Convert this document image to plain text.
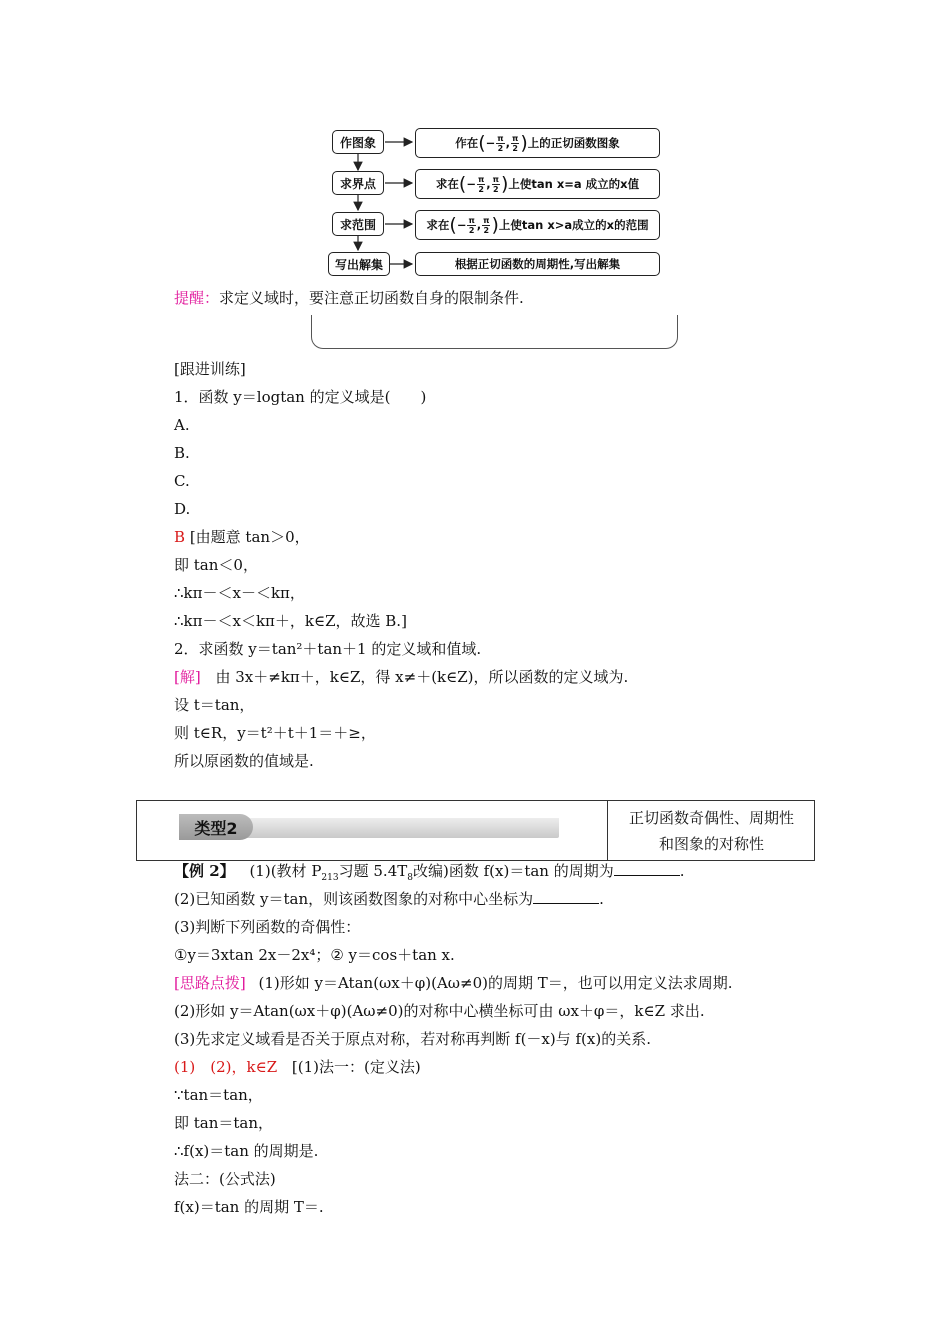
作图象
求界点
求范围
写出解集
作在 ( − $\frac{\pi}{2}$ , $\frac{\pi}{2}$ ) 上的正切函数图象
求在 ( − $\frac{\pi}{2}$ , $\frac{\pi}{2}$ ) 上使tan x=a 成立的x值
求在 ( − $\frac{\pi}{2}$ , $\frac{\pi}{2}$ ) 上使tan x>a成立的x的范围
根据正切函数的周期性,写出解集
提醒：求定义域时，要注意正切函数自身的限制条件.
[跟进训练]
1．函数 y＝logtan 的定义域是(　　)
A.
B.
C.
D.
B [由题意 tan＞0，
即 tan＜0，
∴kπ－＜x－＜kπ，
∴kπ－＜x＜kπ＋，k∈Z，故选 B.]
2．求函数 y＝tan²＋tan＋1 的定义域和值域.
[解] 由 3x＋≠kπ＋，k∈Z，得 x≠＋(k∈Z)，所以函数的定义域为.
设 t＝tan，
则 t∈R，y＝t²＋t＋1＝＋≥，
所以原函数的值域是.
类型2
正切函数奇偶性、周期性
和图象的对称性
【例 2】 (1)(教材 $P_{213}$习题 $5.4T_8$改编)函数 f(x)＝tan 的周期为	.
(2)已知函数 y＝tan，则该函数图象的对称中心坐标为	.
(3)判断下列函数的奇偶性：
①y＝3xtan 2x－2x⁴；② y＝cos＋tan x.
[思路点拨] (1)形如 y＝Atan(ωx＋φ)(Aω≠0)的周期 T＝，也可以用定义法求周期.
(2)形如 y＝Atan(ωx＋φ)(Aω≠0)的对称中心横坐标可由 ωx＋φ＝，k∈Z 求出.
(3)先求定义域看是否关于原点对称，若对称再判断 f(－x)与 f(x)的关系.
(1)　(2)，k∈Z [(1)法一：(定义法)
∵tan＝tan，
即 tan＝tan，
∴f(x)＝tan 的周期是.
法二：(公式法)
f(x)＝tan 的周期 T＝.
